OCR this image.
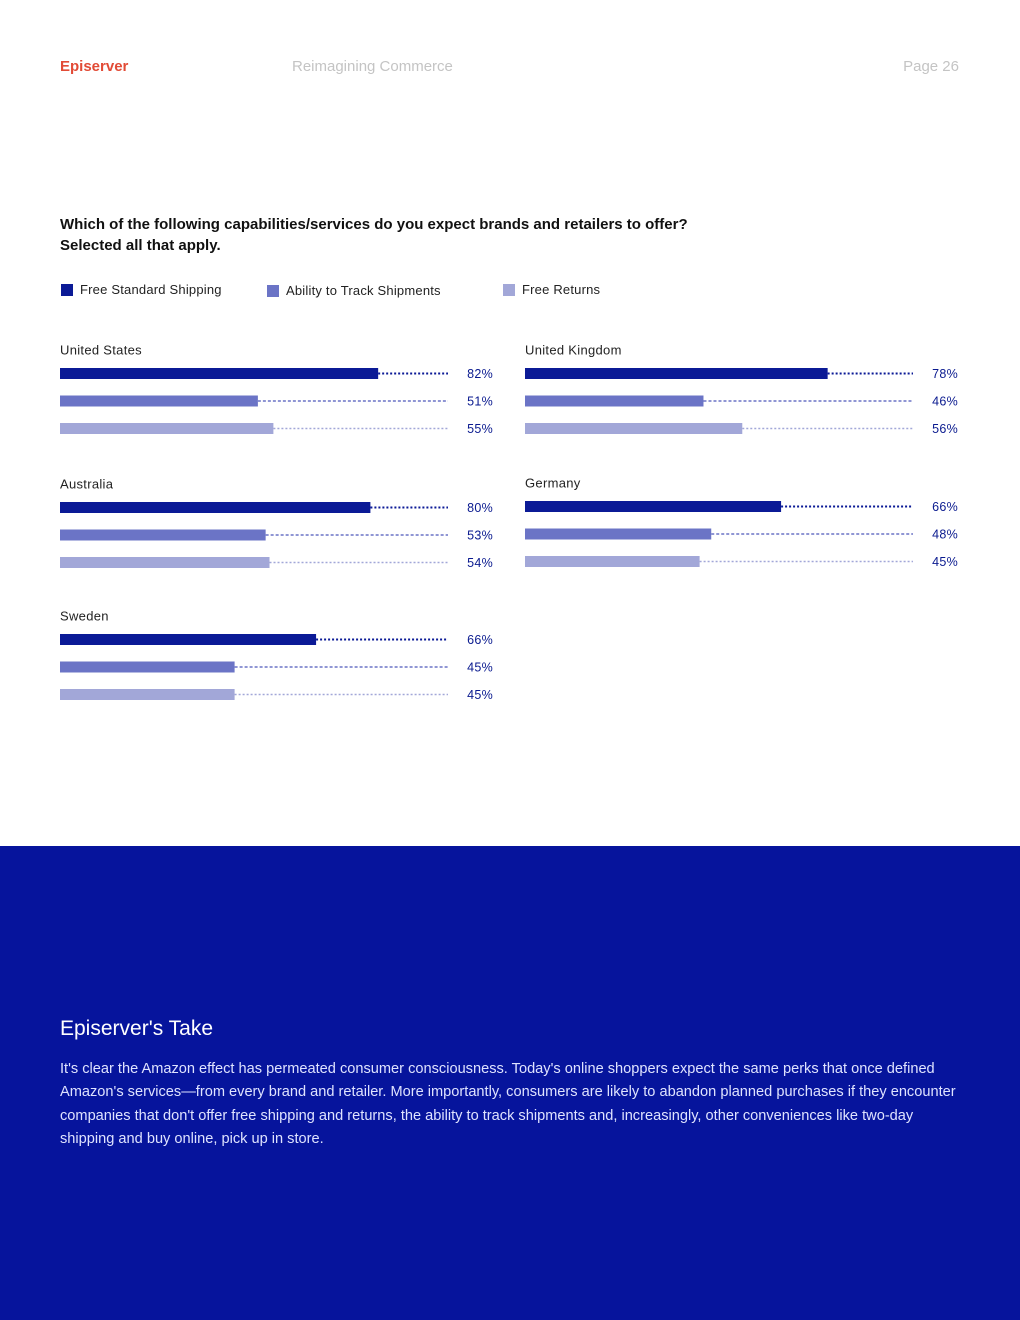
Episerver	Reimagining Commerce	Page 26
Which of the following capabilities/services do you expect brands and retailers to offer?
Selected all that apply.
Free Standard Shipping	Ability to Track Shipments	Free Returns
United States
82%
51%
55%
United Kingdom
78%
46%
56%
Australia
80%
53%
54%
Germany
66%
48%
45%
Sweden
66%
45%
45%
Episerver's Take

It's clear the Amazon effect has permeated consumer consciousness. Today's online shoppers expect the same perks that once defined Amazon's services—from every brand and retailer. More importantly, consumers are likely to abandon planned purchases if they encounter companies that don't offer free shipping and returns, the ability to track shipments and, increasingly, other conveniences like two-day shipping and buy online, pick up in store.
